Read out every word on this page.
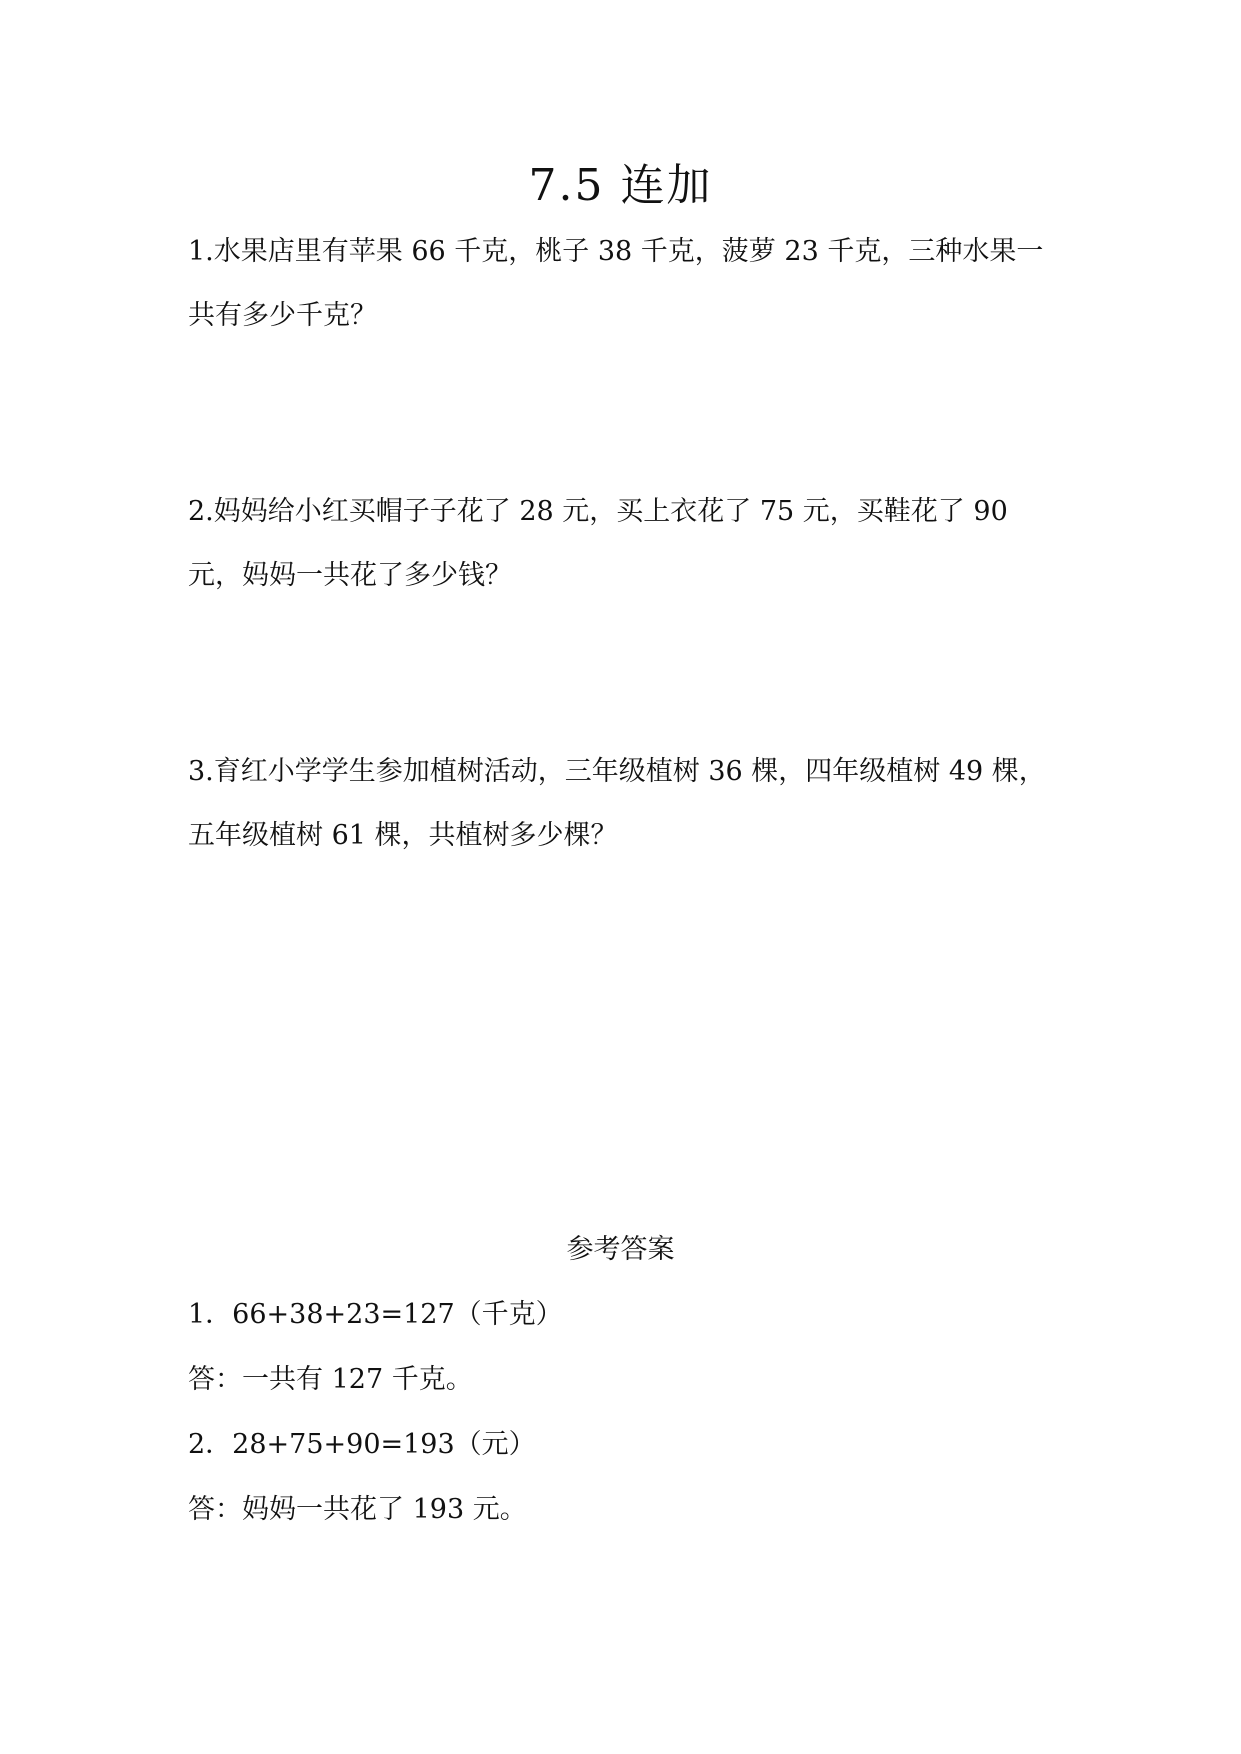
7.5 连加

1.水果店里有苹果 66 千克，桃子 38 千克，菠萝 23 千克，三种水果一共有多少千克？

2.妈妈给小红买帽子子花了 28 元，买上衣花了 75 元，买鞋花了 90 元，妈妈一共花了多少钱？

3.育红小学学生参加植树活动，三年级植树 36 棵，四年级植树 49 棵，五年级植树 61 棵，共植树多少棵？

参考答案

1．66+38+23=127（千克）

答：一共有 127 千克。

2．28+75+90=193（元）

答：妈妈一共花了 193 元。
